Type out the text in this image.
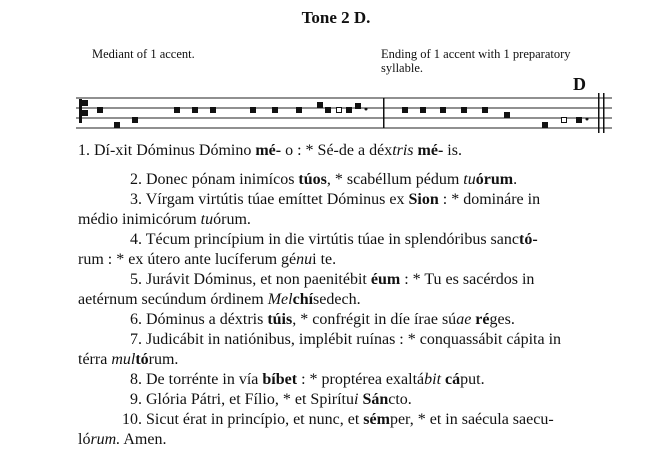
Tone 2 D.
Mediant of 1 accent.	Ending of 1 accent with 1 preparatory
syllable.
D

1. Dí-xit Dóminus Dómino mé- o : * Sé-de a déxtris mé- is.

2. Donec pónam inimícos túos, * scabéllum pédum tuórum.

3. Vírgam virtútis túae emíttet Dóminus ex Sion : * domináre in
médio inimicórum tuórum.

4. Técum princípium in die virtútis túae in splendóribus sanctó-
rum : * ex útero ante lucíferum génui te.

5. Jurávit Dóminus, et non paenitébit éum : * Tu es sacérdos in
aetérnum secúndum órdinem Melchísedech.

6. Dóminus a déxtris túis, * confrégit in díe írae súae réges.

7. Judicábit in natiónibus, implébit ruínas : * conquassábit cápita in
térra multórum.

8. De torrénte in vía bíbet : * proptérea exaltábit cáput.

9. Glória Pátri, et Fílio, * et Spirítui Sáncto.

10. Sicut érat in princípio, et nunc, et sémper, * et in saécula saecu-
lórum. Amen.
